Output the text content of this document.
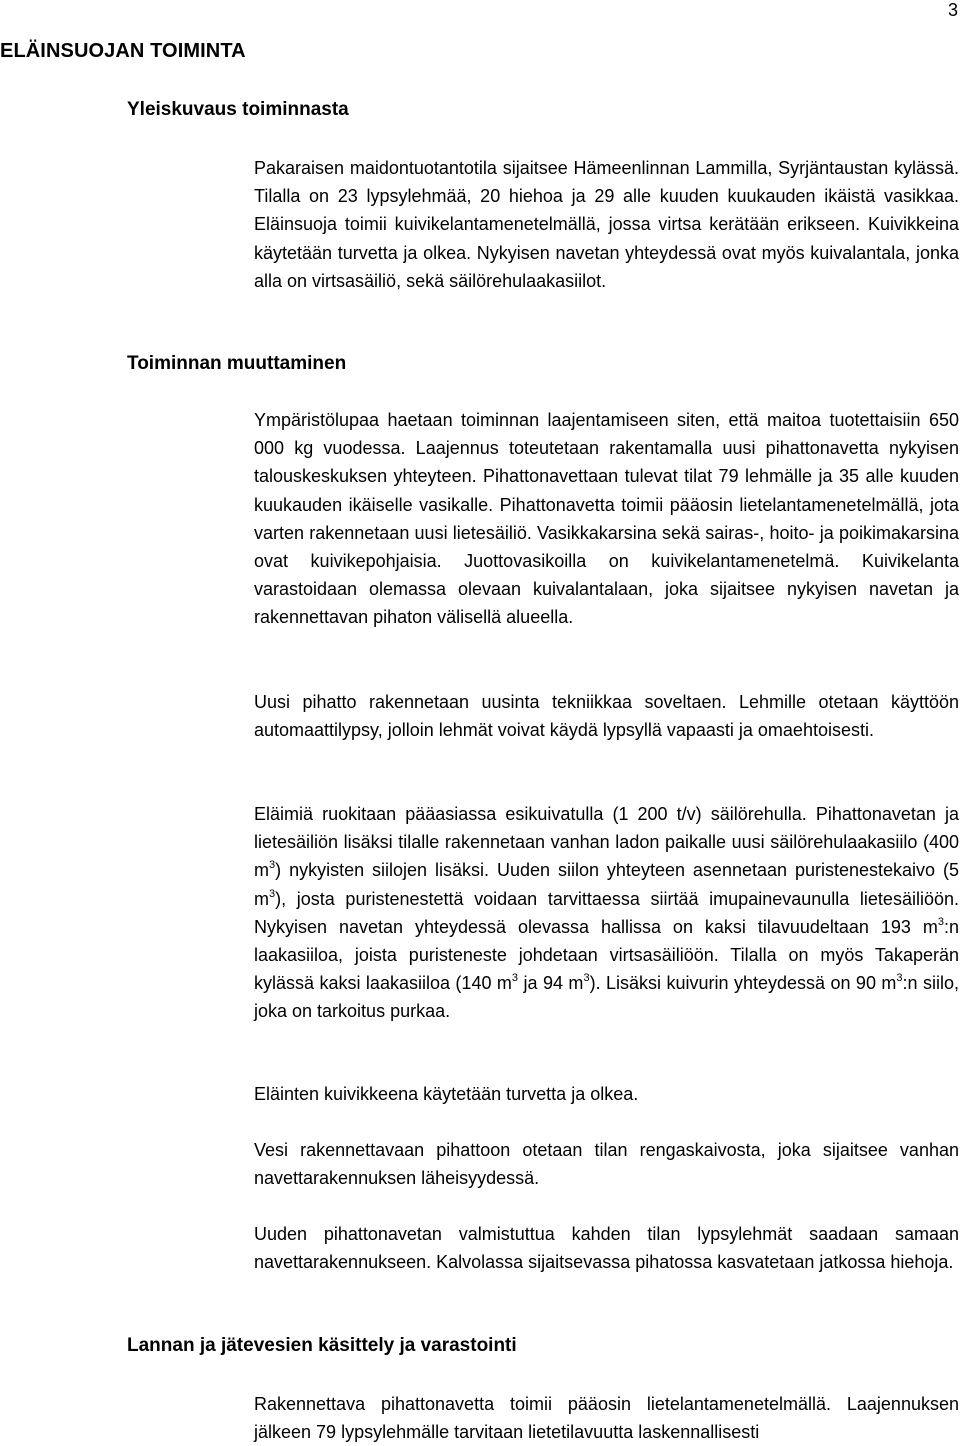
3
ELÄINSUOJAN TOIMINTA
Yleiskuvaus toiminnasta

Pakaraisen maidontuotantotila sijaitsee Hämeenlinnan Lammilla, Syrjäntaustan kylässä. Tilalla on 23 lypsylehmää, 20 hiehoa ja 29 alle kuuden kuukauden ikäistä vasikkaa. Eläinsuoja toimii kuivikelantamenetelmällä, jossa virtsa kerätään erikseen. Kuivikkeina käytetään turvetta ja olkea. Nykyisen navetan yhteydessä ovat myös kuivalantala, jonka alla on virtsasäiliö, sekä säilörehulaakasiilot.

Toiminnan muuttaminen

Ympäristölupaa haetaan toiminnan laajentamiseen siten, että maitoa tuotettaisiin 650 000 kg vuodessa. Laajennus toteutetaan rakentamalla uusi pihattonavetta nykyisen talouskeskuksen yhteyteen. Pihattonavettaan tulevat tilat 79 lehmälle ja 35 alle kuuden kuukauden ikäiselle vasikalle. Pihattonavetta toimii pääosin lietelantamenetelmällä, jota varten rakennetaan uusi lietesäiliö. Vasikkakarsina sekä sairas-, hoito- ja poikimakarsina ovat kuivikepohjaisia. Juottovasikoilla on kuivikelantamenetelmä. Kuivikelanta varastoidaan olemassa olevaan kuivalantalaan, joka sijaitsee nykyisen navetan ja rakennettavan pihaton välisellä alueella.

Uusi pihatto rakennetaan uusinta tekniikkaa soveltaen. Lehmille otetaan käyttöön automaattilypsy, jolloin lehmät voivat käydä lypsyllä vapaasti ja omaehtoisesti.

Eläimiä ruokitaan pääasiassa esikuivatulla (1 200 t/v) säilörehulla. Pihattonavetan ja lietesäiliön lisäksi tilalle rakennetaan vanhan ladon paikalle uusi säilörehulaakasiilo (400 $m^3$) nykyisten siilojen lisäksi. Uuden siilon yhteyteen asennetaan puristenestekaivo (5 $m^3$), josta puristenestettä voidaan tarvittaessa siirtää imupainevaunulla lietesäiliöön. Nykyisen navetan yhteydessä olevassa hallissa on kaksi tilavuudeltaan 193 $m^3:n$ laakasiiloa, joista puristeneste johdetaan virtsasäiliöön. Tilalla on myös Takaperän kylässä kaksi laakasiiloa (140 $m^3$ ja 94 $m^3$). Lisäksi kuivurin yhteydessä on 90 $m^3:n$ siilo, joka on tarkoitus purkaa.

Eläinten kuivikkeena käytetään turvetta ja olkea.

Vesi rakennettavaan pihattoon otetaan tilan rengaskaivosta, joka sijaitsee vanhan navettarakennuksen läheisyydessä.

Uuden pihattonavetan valmistuttua kahden tilan lypsylehmät saadaan samaan navettarakennukseen. Kalvolassa sijaitsevassa pihatossa kasvatetaan jatkossa hiehoja.

Lannan ja jätevesien käsittely ja varastointi

Rakennettava pihattonavetta toimii pääosin lietelantamenetelmällä. Laajennuksen jälkeen 79 lypsylehmälle tarvitaan lietetilavuutta laskennallisesti
